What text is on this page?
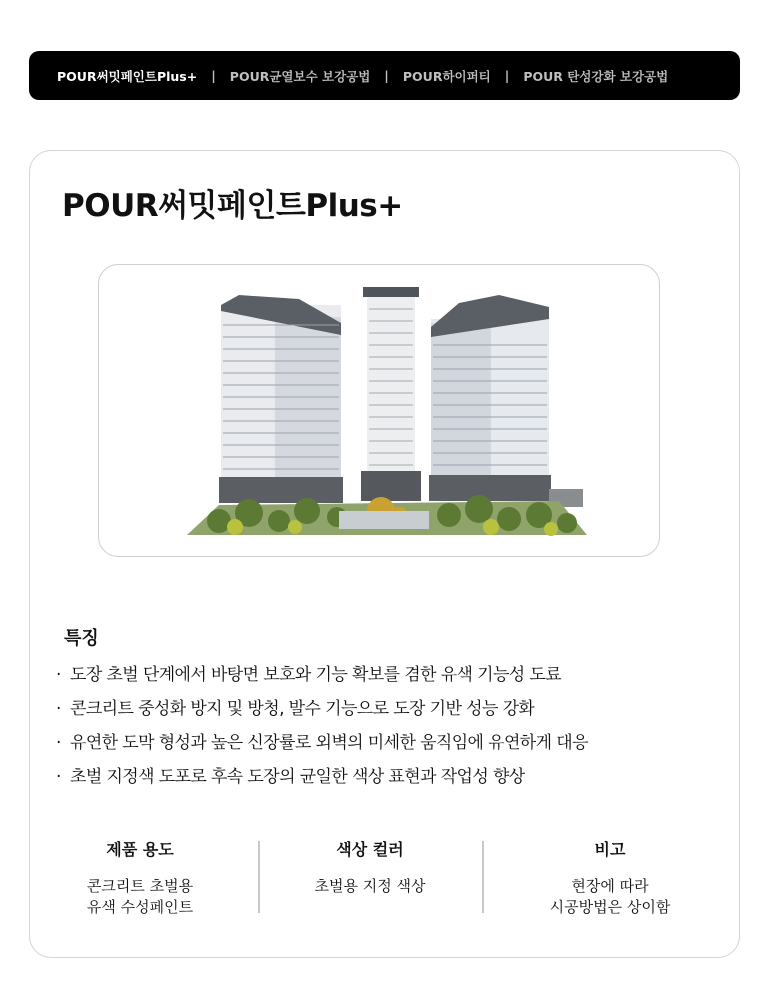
POUR써밋페인트Plus+ | POUR균열보수 보강공법 | POUR하이퍼티 | POUR 탄성강화 보강공법
POUR써밋페인트Plus+
특징
· 도장 초벌 단계에서 바탕면 보호와 기능 확보를 겸한 유색 기능성 도료
· 콘크리트 중성화 방지 및 방청, 발수 기능으로 도장 기반 성능 강화
· 유연한 도막 형성과 높은 신장률로 외벽의 미세한 움직임에 유연하게 대응
· 초벌 지정색 도포로 후속 도장의 균일한 색상 표현과 작업성 향상
제품 용도
콘크리트 초벌용
유색 수성페인트
색상 컬러
초벌용 지정 색상
비고
현장에 따라
시공방법은 상이함
